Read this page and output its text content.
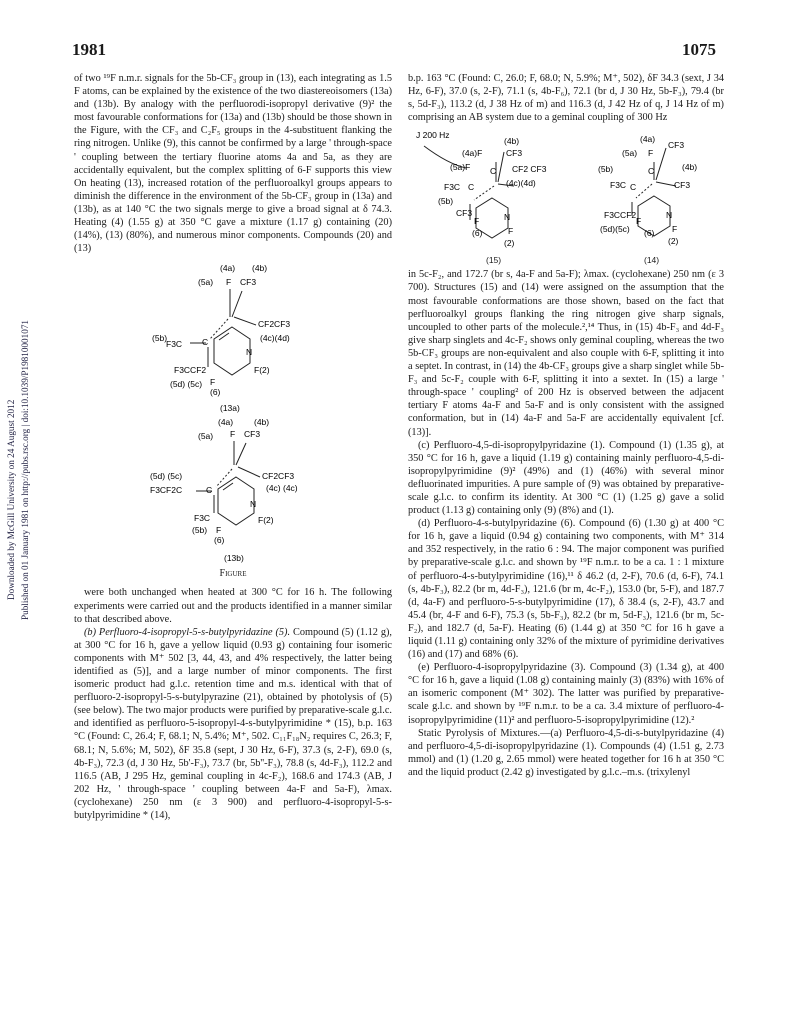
1981	1075
Downloaded by McGill University on 24 August 2012 Published on 01 January 1981 on http://pubs.rsc.org | doi:10.1039/P19810001071

of two ¹⁹F n.m.r. signals for the 5b-CF₃ group in (13), each integrating as 1.5 F atoms, can be explained by the existence of the two diastereoisomers (13a) and (13b). By analogy with the perfluorodi-isopropyl derivative (9)² the most favourable conformations for (13a) and (13b) should be those shown in the Figure, with the CF₃ and C₂F₅ groups in the 4-substituent flanking the ring nitrogen. Unlike (9), this cannot be confirmed by a large ' through-space ' coupling between the tertiary fluorine atoms 4a and 5a, as they are accidentally equivalent, but the complex splitting of 6-F supports this view On heating (13), increased rotation of the perfluoroalkyl groups appears to diminish the difference in the environment of the 5b-CF₃ group in (13a) and (13b), as at 140 °C the two signals merge to give a broad signal at δ 74.3. Heating (4) (1.55 g) at 350 °C gave a mixture (1.17 g) containing (20) (14%), (13) (80%), and numerous minor components. Compounds (20) and (13)

(4a) (4b)
(5a) F CF3
(5b)
F3C C
CF2CF3
(4c)(4d)
F3CCF2
(5d) (5c) F
N
(6)
F(2)
(13a)
(4a) (4b)
(5a) F CF3
(5d) (5c)
F3CF2C	C
CF2CF3
(4c) (4c)
F3C
(5b) F
N
(6)
F(2)
(13b)
Figure

were both unchanged when heated at 300 °C for 16 h. The following experiments were carried out and the products identified in a manner similar to that described above.

(b) Perfluoro-4-isopropyl-5-s-butylpyridazine (5). Compound (5) (1.12 g), at 300 °C for 16 h, gave a yellow liquid (0.93 g) containing four isomeric components with M⁺ 502 [3, 44, 43, and 4% respectively, the latter being identified as (5)], and a large number of minor components. The first isomeric product had g.l.c. retention time and m.s. identical with that of perfluoro-2-isopropyl-5-s-butylpyrazine (21), obtained by photolysis of (5) (see below). The two major products were purified by preparative-scale g.l.c. and identified as perfluoro-5-isopropyl-4-s-butylpyrimidine * (15), b.p. 163 °C (Found: C, 26.4; F, 68.1; N, 5.4%; M⁺, 502. C₁₁F₁₈N₂ requires C, 26.3; F, 68.1; N, 5.6%; M, 502), δF 35.8 (sept, J 30 Hz, 6-F), 37.3 (s, 2-F), 69.0 (s, 4b-F₃), 72.3 (d, J 30 Hz, 5b'-F₃), 73.7 (br, 5b''-F₃), 78.8 (s, 4d-F₃), 112.2 and 116.5 (AB, J 295 Hz, geminal coupling in 4c-F₂), 168.6 and 174.3 (AB, J 202 Hz, ' through-space ' coupling between 4a-F and 5a-F), λmax. (cyclohexane) 250 nm (ε 3 900) and perfluoro-4-isopropyl-5-s-butylpyrimidine * (14),

b.p. 163 °C (Found: C, 26.0; F, 68.0; N, 5.9%; M⁺, 502), δF 34.3 (sext, J 34 Hz, 6-F), 37.0 (s, 2-F), 71.1 (s, 4b-F₆), 72.1 (br d, J 30 Hz, 5b-F₃), 79.4 (br s, 5d-F₃), 113.2 (d, J 38 Hz of m) and 116.3 (d, J 42 Hz of q, J 14 Hz of m) comprising an AB system due to a geminal coupling of 300 Hz

J 200 Hz
(4b)
(4a)F	CF3
(5a)F C CF2 CF3
(4c)(4d)
F3C C
(5b)
CF3
F	N
F
(6)
(2)
(4a)
(5a) F
CF3
(5b)	C	(4b)
F3C C	CF3
F3CCF2
(5d)(5c)
F
N
F
(6)
(2)
(15)	(14)

in 5c-F₂, and 172.7 (br s, 4a-F and 5a-F); λmax. (cyclohexane) 250 nm (ε 3 700). Structures (15) and (14) were assigned on the assumption that the most favourable conformations are those shown, based on the fact that perfluoroalkyl groups flanking the ring nitrogen give sharp signals, uncoupled to other parts of the molecule.²,¹⁴ Thus, in (15) 4b-F₃ and 4d-F₃ give sharp singlets and 4c-F₂ shows only geminal coupling, whereas the two 5b-CF₃ groups are non-equivalent and also couple with 6-F, splitting it into a septet. In contrast, in (14) the 4b-CF₃ groups give a sharp singlet while 5b-F₃ and 5c-F₂ couple with 6-F, splitting it into a sextet. In (15) a large ' through-space ' coupling² of 200 Hz is observed between the adjacent tertiary F atoms 4a-F and 5a-F and is only consistent with the assigned conformation, but in (14) 4a-F and 5a-F are accidentally equivalent [cf. (13)].

(c) Perfluoro-4,5-di-isopropylpyridazine (1). Compound (1) (1.35 g), at 350 °C for 16 h, gave a liquid (1.19 g) containing mainly perfluoro-4,5-di-isopropylpyrimidine (9)² (49%) and (1) (46%) with several minor defluorinated impurities. A pure sample of (9) was obtained by preparative-scale g.l.c. to confirm its identity. At 300 °C (1) (1.25 g) gave a solid product (1.13 g) containing only (9) (8%) and (1).

(d) Perfluoro-4-s-butylpyridazine (6). Compound (6) (1.30 g) at 400 °C for 16 h, gave a liquid (0.94 g) containing two components, with M⁺ 314 and 352 respectively, in the ratio 6 : 94. The major component was purified by preparative-scale g.l.c. and shown by ¹⁹F n.m.r. to be a ca. 1 : 1 mixture of perfluoro-4-s-butylpyrimidine (16),¹¹ δ 46.2 (d, 2-F), 70.6 (d, 6-F), 74.1 (s, 4b-F₃), 82.2 (br m, 4d-F₃), 121.6 (br m, 4c-F₂), 153.0 (br, 5-F), and 187.7 (d, 4a-F) and perfluoro-5-s-butylpyrimidine (17), δ 38.4 (s, 2-F), 43.7 and 45.4 (br, 4-F and 6-F), 75.3 (s, 5b-F₃), 82.2 (br m, 5d-F₃), 121.6 (br m, 5c-F₂), and 182.7 (d, 5a-F). Heating (6) (1.44 g) at 350 °C for 16 h gave a liquid (1.11 g) containing only 32% of the mixture of pyrimidine derivatives (16) and (17) and 68% (6).

(e) Perfluoro-4-isopropylpyridazine (3). Compound (3) (1.34 g), at 400 °C for 16 h, gave a liquid (1.08 g) containing mainly (3) (83%) with 16% of an isomeric component (M⁺ 302). The latter was purified by preparative-scale g.l.c. and shown by ¹⁹F n.m.r. to be a ca. 3.4 mixture of perfluoro-4-isopropylpyrimidine (11)² and perfluoro-5-isopropylpyrimidine (12).²

Static Pyrolysis of Mixtures.—(a) Perfluoro-4,5-di-s-butylpyridazine (4) and perfluoro-4,5-di-isopropylpyridazine (1). Compounds (4) (1.51 g, 2.73 mmol) and (1) (1.20 g, 2.65 mmol) were heated together for 16 h at 350 °C and the liquid product (2.42 g) investigated by g.l.c.–m.s. (trixylenyl
